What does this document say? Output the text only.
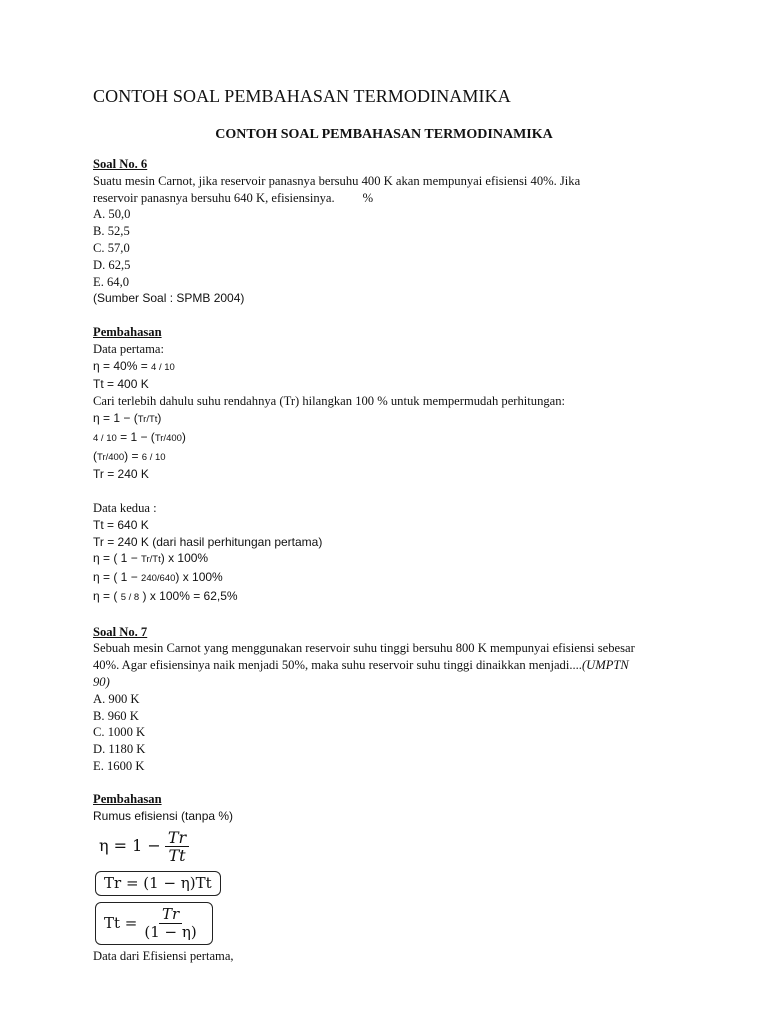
CONTOH SOAL PEMBAHASAN TERMODINAMIKA
CONTOH SOAL PEMBAHASAN TERMODINAMIKA
Soal No. 6
Suatu mesin Carnot, jika reservoir panasnya bersuhu 400 K akan mempunyai efisiensi 40%. Jika
reservoir panasnya bersuhu 640 K, efisiensinya. %
A. 50,0
B. 52,5
C. 57,0
D. 62,5
E. 64,0
(Sumber Soal : SPMB 2004)
Pembahasan
Data pertama:
η = 40% = 4 / 10
Tt = 400 K
Cari terlebih dahulu suhu rendahnya (Tr) hilangkan 100 % untuk mempermudah perhitungan:
η = 1 − (Tr/Tt)
4 / 10 = 1 − (Tr/400)
(Tr/400) = 6 / 10
Tr = 240 K
Data kedua :
Tt = 640 K
Tr = 240 K (dari hasil perhitungan pertama)
η = ( 1 − Tr/Tt) x 100%
η = ( 1 − 240/640) x 100%
η = ( 5 / 8 ) x 100% = 62,5%
Soal No. 7
Sebuah mesin Carnot yang menggunakan reservoir suhu tinggi bersuhu 800 K mempunyai efisiensi sebesar
40%. Agar efisiensinya naik menjadi 50%, maka suhu reservoir suhu tinggi dinaikkan menjadi....(UMPTN
90)
A. 900 K
B. 960 K
C. 1000 K
D. 1180 K
E. 1600 K
Pembahasan
Rumus efisiensi (tanpa %)
$\eta = 1 - \frac{Tr}{Tt}$
Tr = (1 − η)Tt
$Tt = \frac{Tr}{(1 - \eta)}$
Data dari Efisiensi pertama,
